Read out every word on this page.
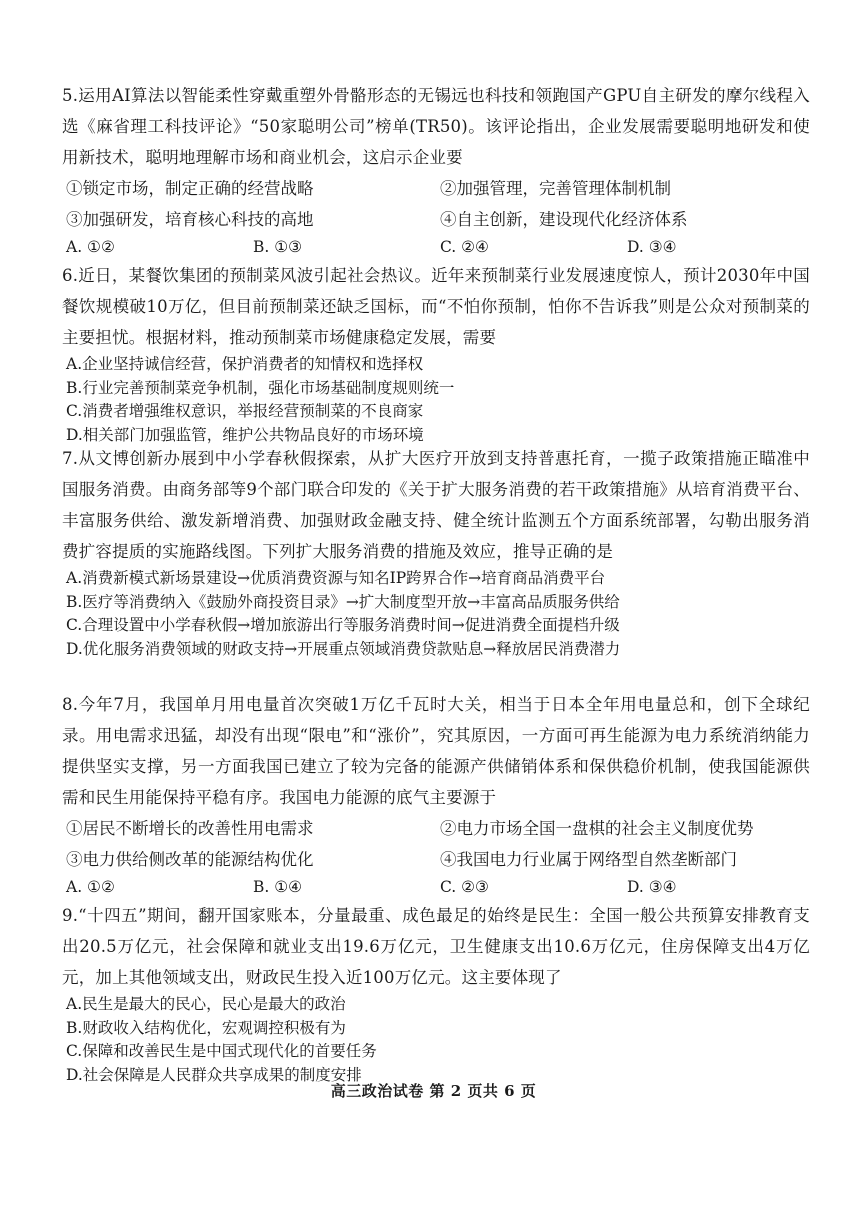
5.运用AI算法以智能柔性穿戴重塑外骨骼形态的无锡远也科技和领跑国产GPU自主研发的摩尔线程入选《麻省理工科技评论》“50家聪明公司”榜单(TR50)。该评论指出，企业发展需要聪明地研发和使用新技术，聪明地理解市场和商业机会，这启示企业要

①锁定市场，制定正确的经营战略	②加强管理，完善管理体制机制
③加强研发，培育核心科技的高地	④自主创新，建设现代化经济体系
A. ①②	B. ①③	C. ②④	D. ③④

6.近日，某餐饮集团的预制菜风波引起社会热议。近年来预制菜行业发展速度惊人，预计2030年中国餐饮规模破10万亿，但目前预制菜还缺乏国标，而“不怕你预制，怕你不告诉我”则是公众对预制菜的主要担忧。根据材料，推动预制菜市场健康稳定发展，需要

A.企业坚持诚信经营，保护消费者的知情权和选择权
B.行业完善预制菜竞争机制，强化市场基础制度规则统一
C.消费者增强维权意识，举报经营预制菜的不良商家
D.相关部门加强监管，维护公共物品良好的市场环境

7.从文博创新办展到中小学春秋假探索，从扩大医疗开放到支持普惠托育，一揽子政策措施正瞄准中国服务消费。由商务部等9个部门联合印发的《关于扩大服务消费的若干政策措施》从培育消费平台、丰富服务供给、激发新增消费、加强财政金融支持、健全统计监测五个方面系统部署，勾勒出服务消费扩容提质的实施路线图。下列扩大服务消费的措施及效应，推导正确的是

A.消费新模式新场景建设→优质消费资源与知名IP跨界合作→培育商品消费平台
B.医疗等消费纳入《鼓励外商投资目录》→扩大制度型开放→丰富高品质服务供给
C.合理设置中小学春秋假→增加旅游出行等服务消费时间→促进消费全面提档升级
D.优化服务消费领域的财政支持→开展重点领域消费贷款贴息→释放居民消费潜力

8.今年7月，我国单月用电量首次突破1万亿千瓦时大关，相当于日本全年用电量总和，创下全球纪录。用电需求迅猛，却没有出现“限电”和“涨价”，究其原因，一方面可再生能源为电力系统消纳能力提供坚实支撑，另一方面我国已建立了较为完备的能源产供储销体系和保供稳价机制，使我国能源供需和民生用能保持平稳有序。我国电力能源的底气主要源于

①居民不断增长的改善性用电需求	②电力市场全国一盘棋的社会主义制度优势
③电力供给侧改革的能源结构优化	④我国电力行业属于网络型自然垄断部门
A. ①②	B. ①④	C. ②③	D. ③④

9.“十四五”期间，翻开国家账本，分量最重、成色最足的始终是民生：全国一般公共预算安排教育支出20.5万亿元，社会保障和就业支出19.6万亿元，卫生健康支出10.6万亿元，住房保障支出4万亿元，加上其他领域支出，财政民生投入近100万亿元。这主要体现了

A.民生是最大的民心，民心是最大的政治
B.财政收入结构优化，宏观调控积极有为
C.保障和改善民生是中国式现代化的首要任务
D.社会保障是人民群众共享成果的制度安排
高三政治试卷 第 2 页共 6 页
